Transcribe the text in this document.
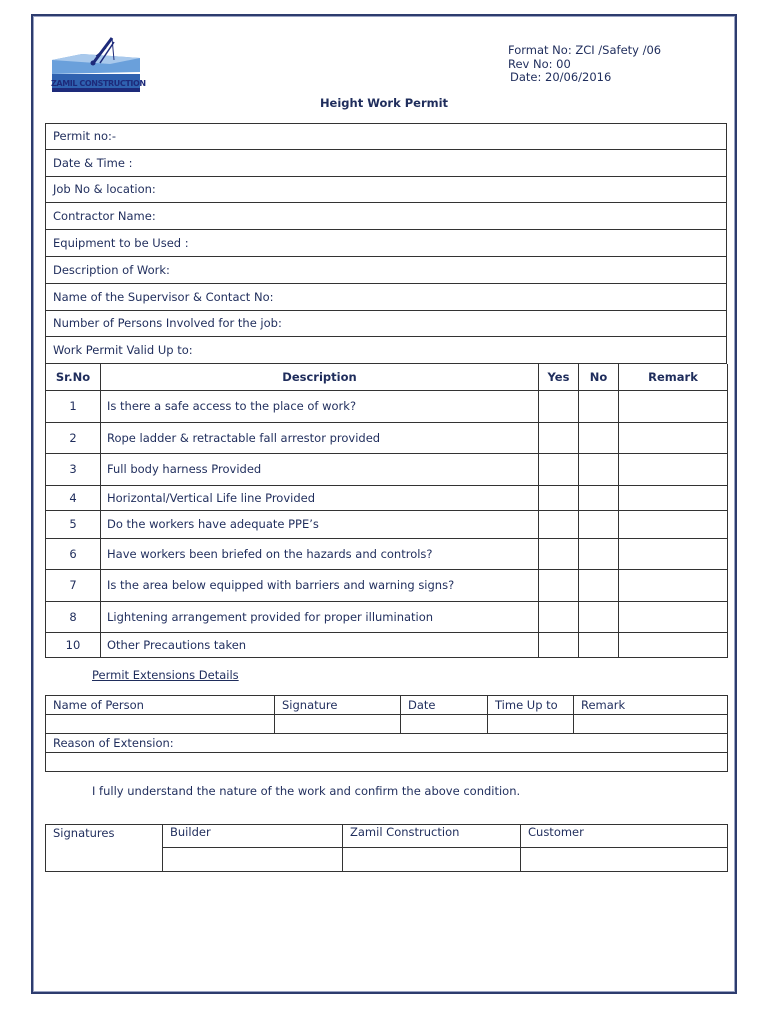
ZAMIL CONSTRUCTION
Format No: ZCI /Safety /06
Rev No: 00
Date: 20/06/2016
Height Work Permit
Permit no:-
Date & Time :
Job No & location:
Contractor Name:
Equipment to be Used :
Description of Work:
Name of the Supervisor & Contact No:
Number of Persons Involved for the job:
Work Permit Valid Up to:
Sr.No	Description	Yes	No	Remark
1	Is there a safe access to the place of work?			
2	Rope ladder & retractable fall arrestor provided			
3	Full body harness Provided			
4	Horizontal/Vertical Life line Provided			
5	Do the workers have adequate PPE’s			
6	Have workers been briefed on the hazards and controls?			
7	Is the area below equipped with barriers and warning signs?			
8	Lightening arrangement provided for proper illumination			
10	Other Precautions taken			
Permit Extensions Details
Name of Person	Signature	Date	Time Up to	Remark

Reason of Extension:				

I fully understand the nature of the work and confirm the above condition.
Signatures	Builder	Zamil Construction	Customer
